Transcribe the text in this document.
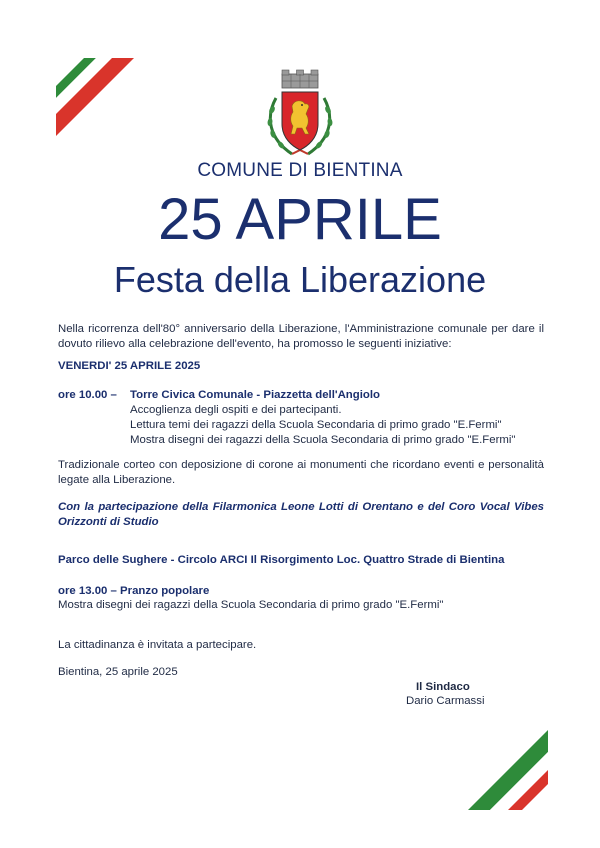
COMUNE DI BIENTINA
25 APRILE
Festa della Liberazione
Nella ricorrenza dell'80° anniversario della Liberazione, l'Amministrazione comunale per dare il dovuto rilievo alla celebrazione dell'evento, ha promosso le seguenti iniziative:
VENERDI' 25 APRILE 2025
ore 10.00 – Torre Civica Comunale - Piazzetta dell'Angiolo
Accoglienza degli ospiti e dei partecipanti.
Lettura temi dei ragazzi della Scuola Secondaria di primo grado "E.Fermi"
Mostra disegni dei ragazzi della Scuola Secondaria di primo grado "E.Fermi"
Tradizionale corteo con deposizione di corone ai monumenti che ricordano eventi e personalità legate alla Liberazione.
Con la partecipazione della Filarmonica Leone Lotti di Orentano e del Coro Vocal Vibes Orizzonti di Studio
Parco delle Sughere - Circolo ARCI Il Risorgimento Loc. Quattro Strade di Bientina
ore 13.00 – Pranzo popolare
Mostra disegni dei ragazzi della Scuola Secondaria di primo grado "E.Fermi"
La cittadinanza è invitata a partecipare.
Bientina, 25 aprile 2025
Il Sindaco
Dario Carmassi
